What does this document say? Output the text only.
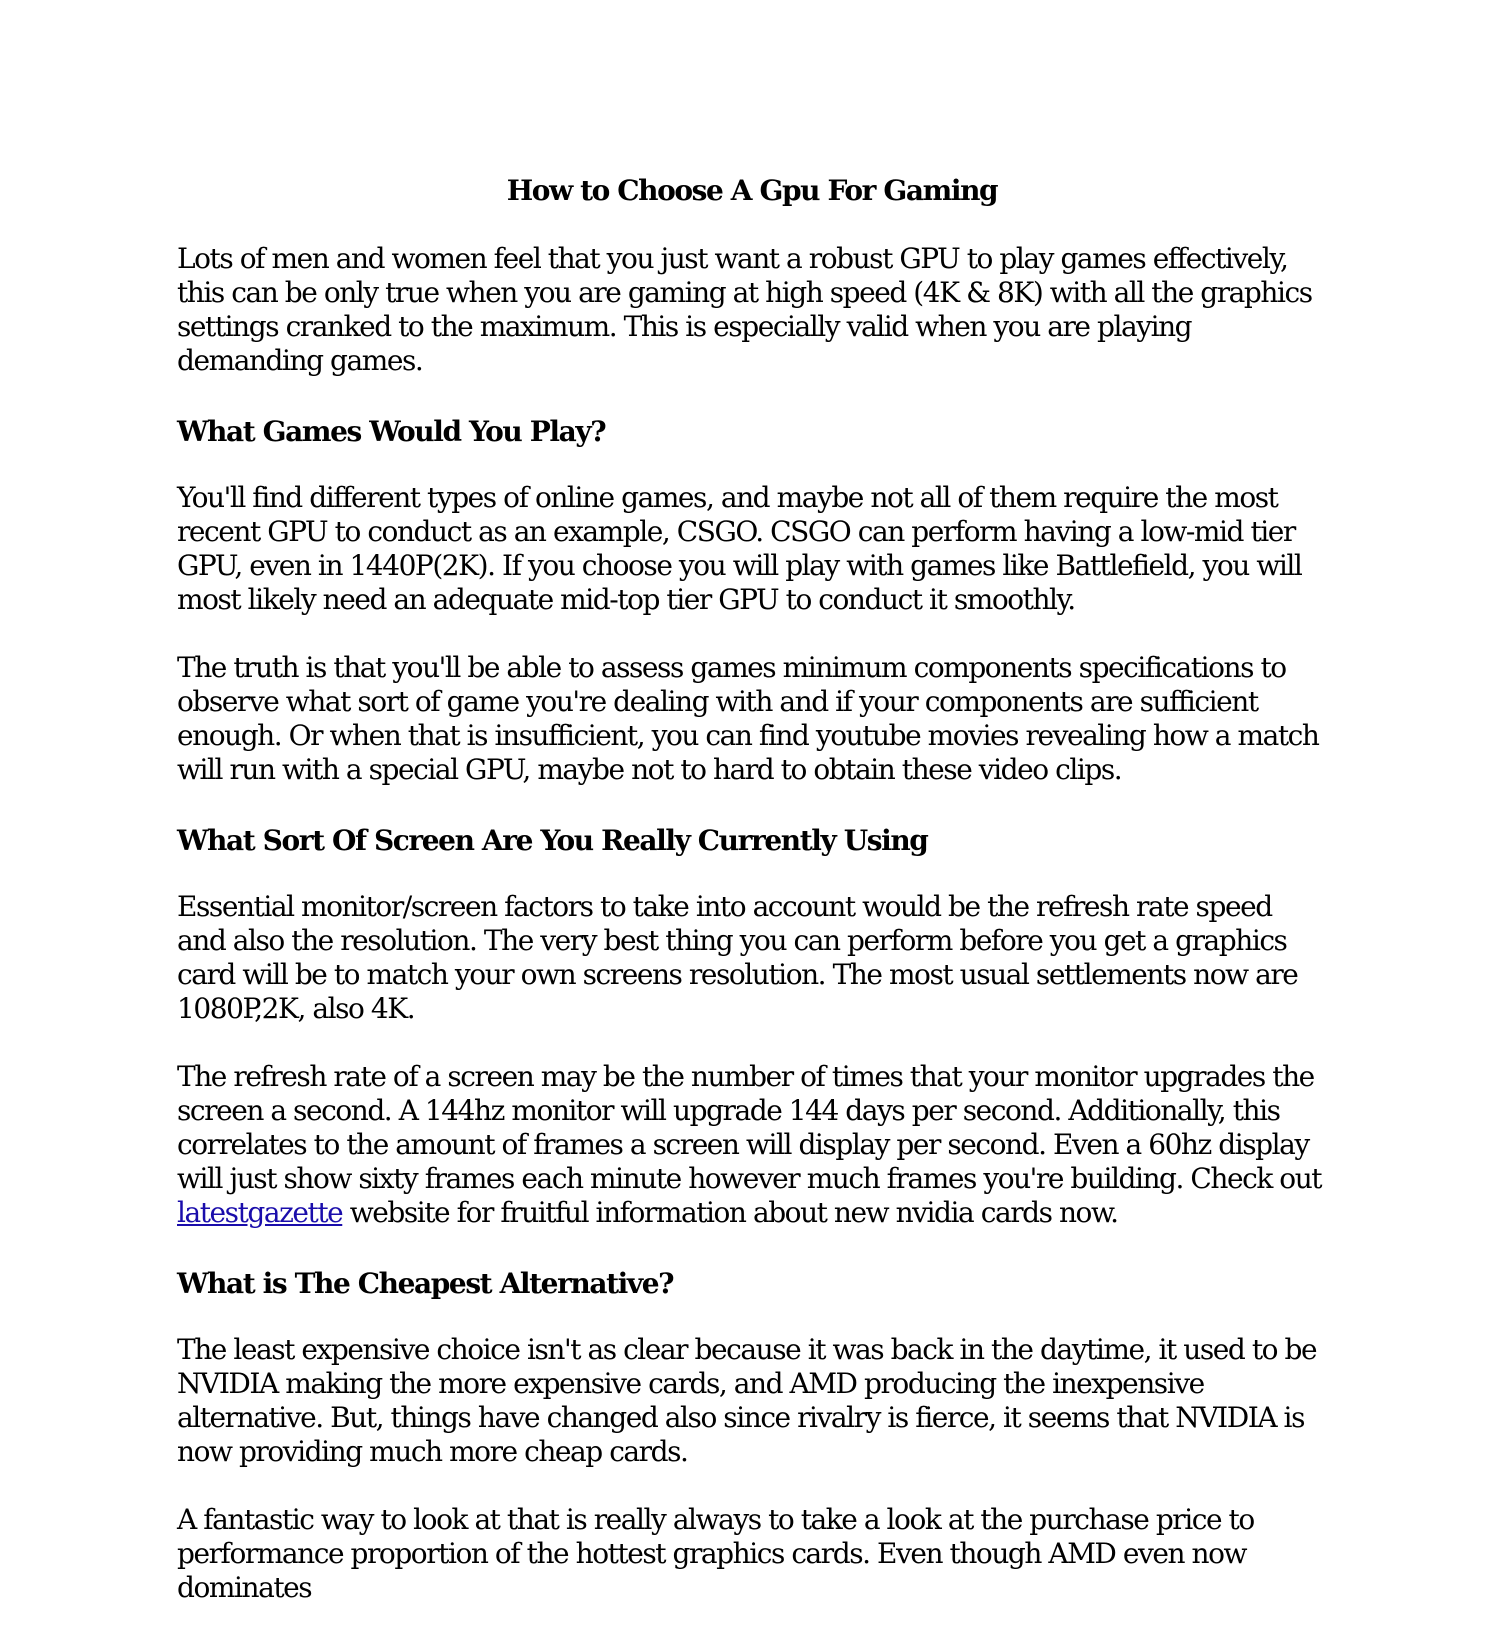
How to Choose A Gpu For Gaming

Lots of men and women feel that you just want a robust GPU to play games effectively, this can be only true when you are gaming at high speed (4K & 8K) with all the graphics settings cranked to the maximum. This is especially valid when you are playing demanding games.

What Games Would You Play?

You'll find different types of online games, and maybe not all of them require the most recent GPU to conduct as an example, CSGO. CSGO can perform having a low-mid tier GPU, even in 1440P(2K). If you choose you will play with games like Battlefield, you will most likely need an adequate mid-top tier GPU to conduct it smoothly.

The truth is that you'll be able to assess games minimum components specifications to observe what sort of game you're dealing with and if your components are sufficient enough. Or when that is insufficient, you can find youtube movies revealing how a match will run with a special GPU, maybe not to hard to obtain these video clips.

What Sort Of Screen Are You Really Currently Using

Essential monitor/screen factors to take into account would be the refresh rate speed and also the resolution. The very best thing you can perform before you get a graphics card will be to match your own screens resolution. The most usual settlements now are 1080P,2K, also 4K.

The refresh rate of a screen may be the number of times that your monitor upgrades the screen a second. A 144hz monitor will upgrade 144 days per second. Additionally, this correlates to the amount of frames a screen will display per second. Even a 60hz display will just show sixty frames each minute however much frames you're building. Check out latestgazette website for fruitful information about new nvidia cards now.

What is The Cheapest Alternative?

The least expensive choice isn't as clear because it was back in the daytime, it used to be NVIDIA making the more expensive cards, and AMD producing the inexpensive alternative. But, things have changed also since rivalry is fierce, it seems that NVIDIA is now providing much more cheap cards.

A fantastic way to look at that is really always to take a look at the purchase price to performance proportion of the hottest graphics cards. Even though AMD even now dominates
